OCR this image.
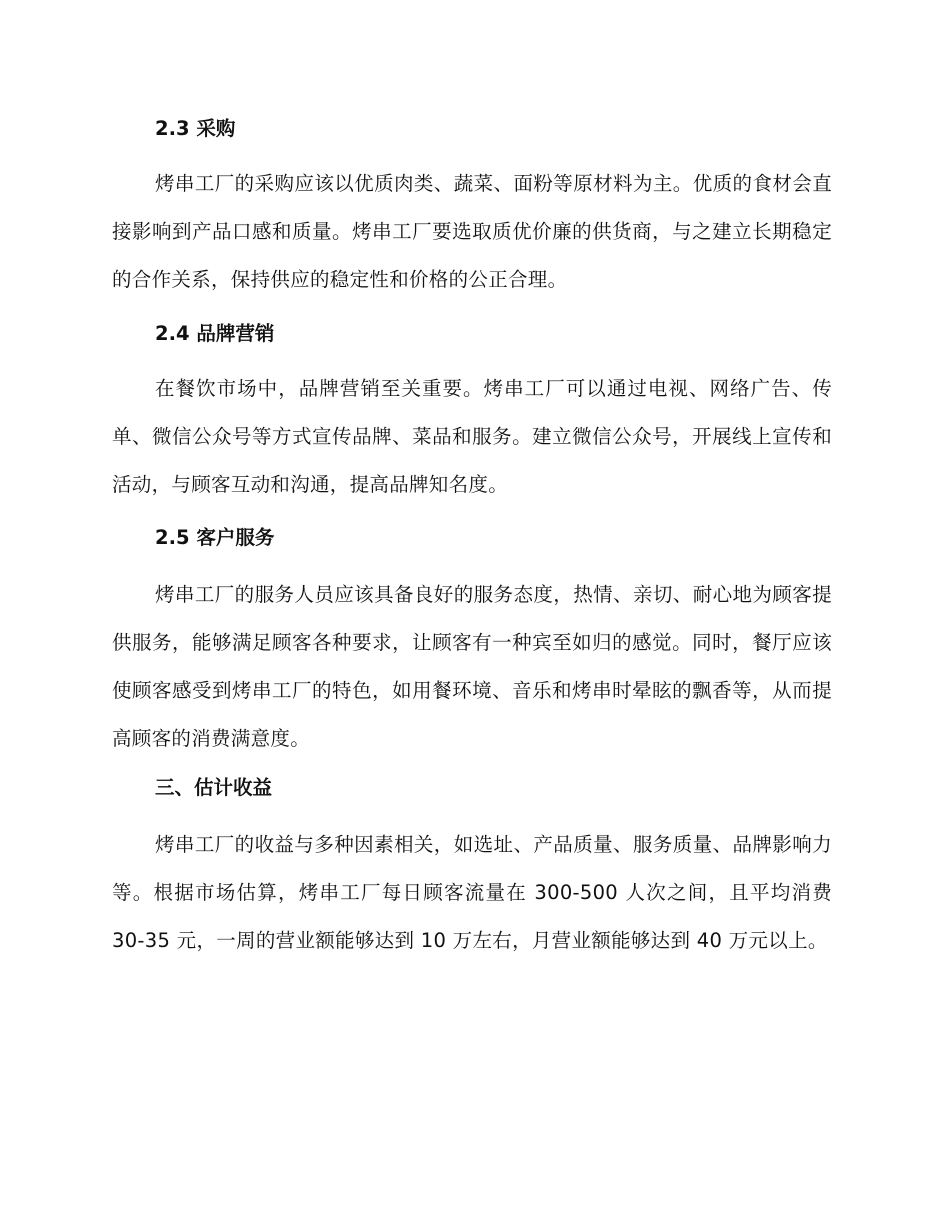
2.3 采购

烤串工厂的采购应该以优质肉类、蔬菜、面粉等原材料为主。优质的食材会直接影响到产品口感和质量。烤串工厂要选取质优价廉的供货商，与之建立长期稳定的合作关系，保持供应的稳定性和价格的公正合理。

2.4 品牌营销

在餐饮市场中，品牌营销至关重要。烤串工厂可以通过电视、网络广告、传单、微信公众号等方式宣传品牌、菜品和服务。建立微信公众号，开展线上宣传和活动，与顾客互动和沟通，提高品牌知名度。

2.5 客户服务

烤串工厂的服务人员应该具备良好的服务态度，热情、亲切、耐心地为顾客提供服务，能够满足顾客各种要求，让顾客有一种宾至如归的感觉。同时，餐厅应该使顾客感受到烤串工厂的特色，如用餐环境、音乐和烤串时晕眩的飘香等，从而提高顾客的消费满意度。

三、估计收益

烤串工厂的收益与多种因素相关，如选址、产品质量、服务质量、品牌影响力等。根据市场估算，烤串工厂每日顾客流量在 300-500 人次之间，且平均消费 30-35 元，一周的营业额能够达到 10 万左右，月营业额能够达到 40 万元以上。
